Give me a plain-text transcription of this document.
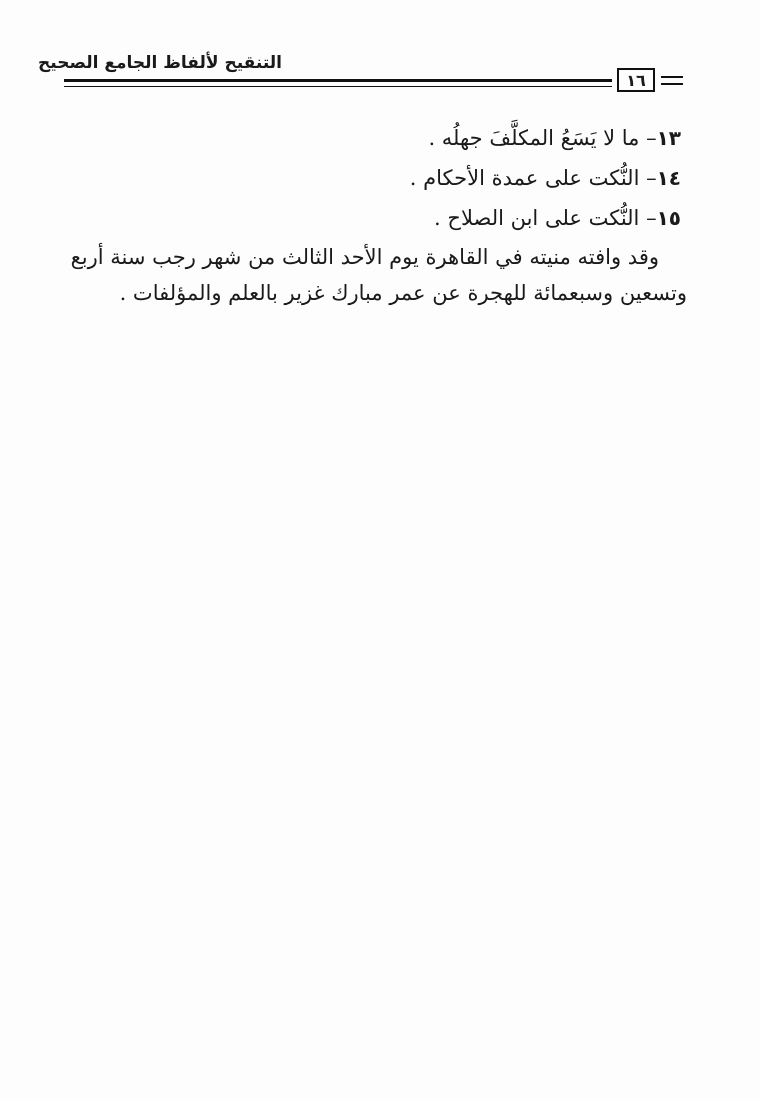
التنقيح لألفاظ الجامع الصحيح
١٦
١٣– ما لا يَسَعُ المكلَّفَ جهلُه .
١٤– النُّكت على عمدة الأحكام .
١٥– النُّكت على ابن الصلاح .
وقد وافته منيته في القاهرة يوم الأحد الثالث من شهر رجب سنة أربع
وتسعين وسبعمائة للهجرة عن عمر مبارك غزير بالعلم والمؤلفات .
